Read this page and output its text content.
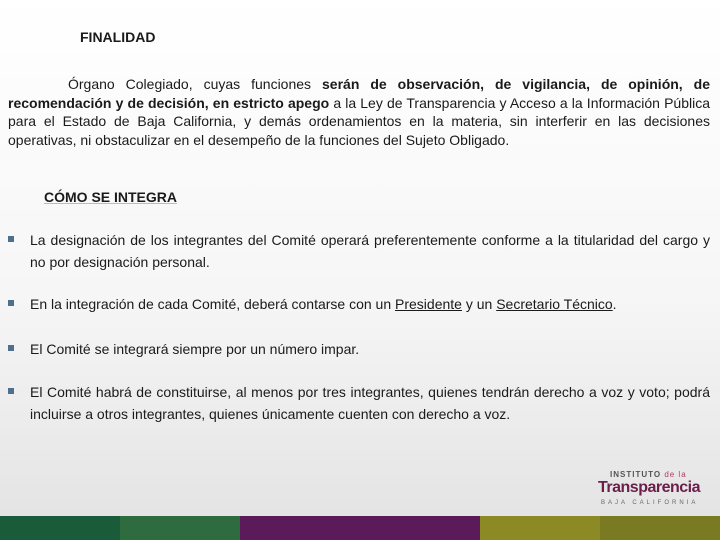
FINALIDAD
Órgano Colegiado, cuyas funciones serán de observación, de vigilancia, de opinión, de recomendación y de decisión, en estricto apego a la Ley de Transparencia y Acceso a la Información Pública para el Estado de Baja California, y demás ordenamientos en la materia, sin interferir en las decisiones operativas, ni obstaculizar en el desempeño de la funciones del Sujeto Obligado.
CÓMO SE INTEGRA
La designación de los integrantes del Comité operará preferentemente conforme a la titularidad del cargo y no por designación personal.
En la integración de cada Comité, deberá contarse con un Presidente y un Secretario Técnico.
El Comité se integrará siempre por un número impar.
El Comité habrá de constituirse, al menos por tres integrantes, quienes tendrán derecho a voz y voto; podrá incluirse a otros integrantes, quienes únicamente cuenten con derecho a voz.
INSTITUTO de la
Transparencia
BAJA CALIFORNIA
